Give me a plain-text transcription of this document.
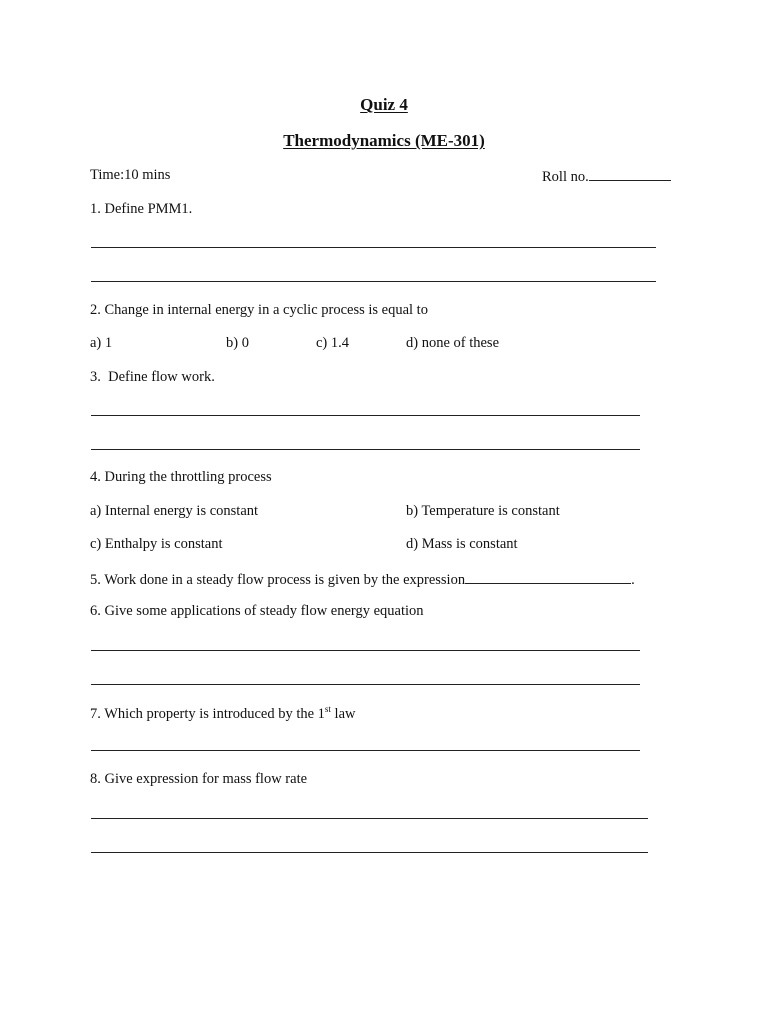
Quiz 4
Thermodynamics (ME-301)
Time:10 mins	Roll no.
1. Define PMM1.
2. Change in internal energy in a cyclic process is equal to
a) 1	b) 0	c) 1.4	d) none of these
3.  Define flow work.
4. During the throttling process
a) Internal energy is constant	b) Temperature is constant
c) Enthalpy is constant	d) Mass is constant
5. Work done in a steady flow process is given by the expression	.
6. Give some applications of steady flow energy equation
7. Which property is introduced by the 1st law
8. Give expression for mass flow rate
